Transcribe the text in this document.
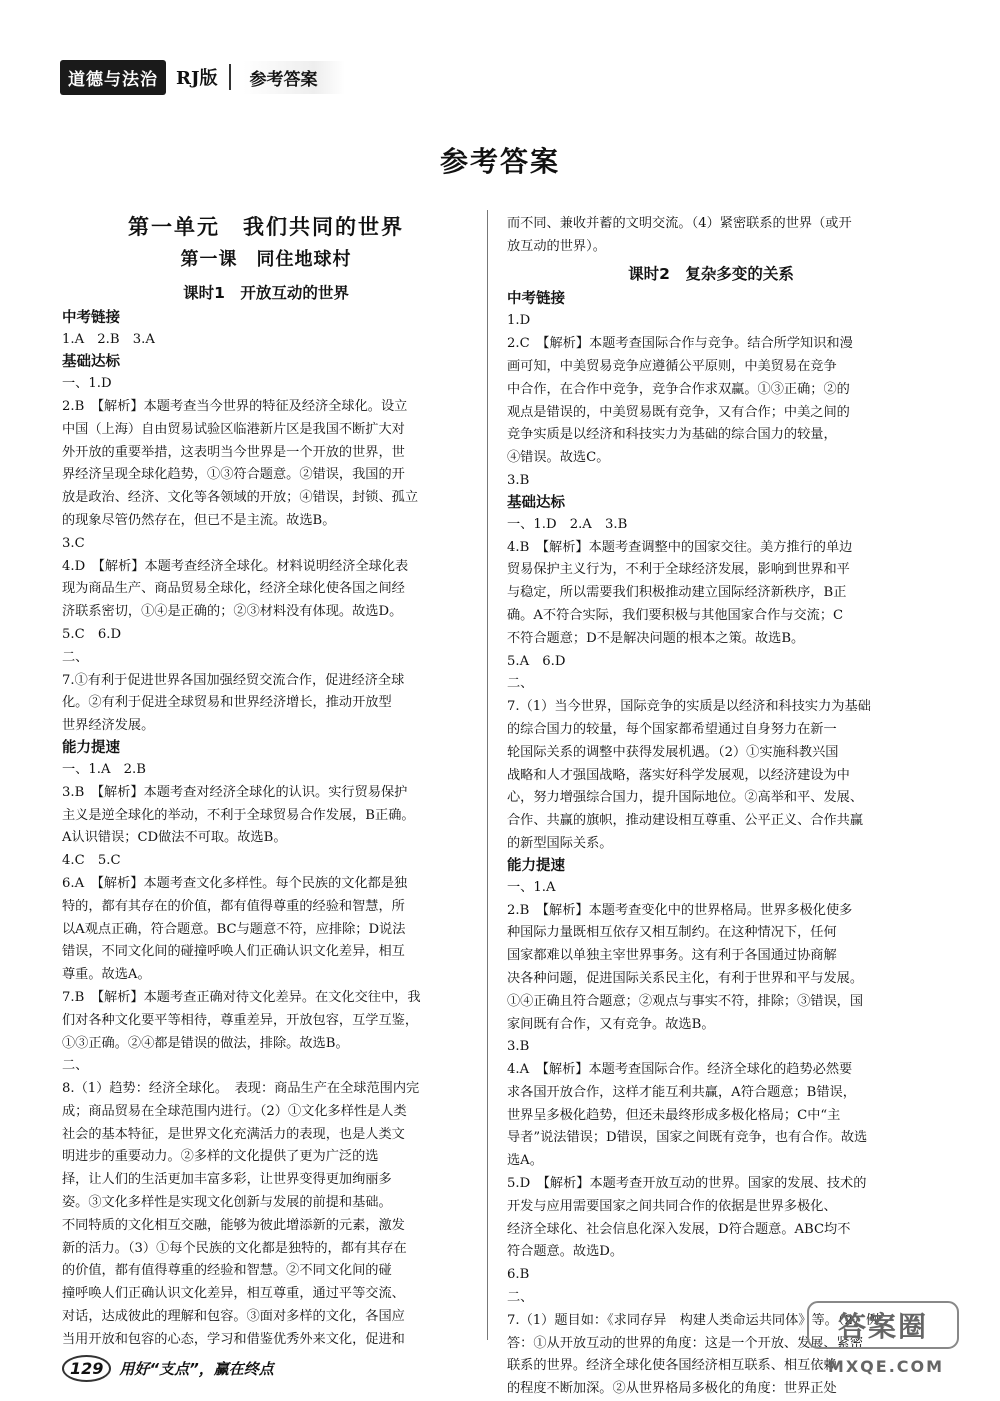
道德与法治	RJ版	参考答案
参考答案
第一单元　我们共同的世界
第一课　同住地球村
课时1　开放互动的世界
中考链接
1.A　2.B　3.A
基础达标
一、1.D
2.B　【解析】本题考查当今世界的特征及经济全球化。设立
中国（上海）自由贸易试验区临港新片区是我国不断扩大对
外开放的重要举措，这表明当今世界是一个开放的世界，世
界经济呈现全球化趋势，①③符合题意。②错误，我国的开
放是政治、经济、文化等各领域的开放；④错误，封锁、孤立
的现象尽管仍然存在，但已不是主流。故选B。
3.C
4.D　【解析】本题考查经济全球化。材料说明经济全球化表
现为商品生产、商品贸易全球化，经济全球化使各国之间经
济联系密切，①④是正确的；②③材料没有体现。故选D。
5.C　6.D
二、
7.①有利于促进世界各国加强经贸交流合作，促进经济全球
化。②有利于促进全球贸易和世界经济增长，推动开放型
世界经济发展。
能力提速
一、1.A　2.B
3.B　【解析】本题考查对经济全球化的认识。实行贸易保护
主义是逆全球化的举动，不利于全球贸易合作发展，B正确。
A认识错误；CD做法不可取。故选B。
4.C　5.C
6.A　【解析】本题考查文化多样性。每个民族的文化都是独
特的，都有其存在的价值，都有值得尊重的经验和智慧，所
以A观点正确，符合题意。BC与题意不符，应排除；D说法
错误，不同文化间的碰撞呼唤人们正确认识文化差异，相互
尊重。故选A。
7.B　【解析】本题考查正确对待文化差异。在文化交往中，我
们对各种文化要平等相待，尊重差异，开放包容，互学互鉴，
①③正确。②④都是错误的做法，排除。故选B。
二、
8.（1）趋势：经济全球化。　表现：商品生产在全球范围内完
成；商品贸易在全球范围内进行。（2）①文化多样性是人类
社会的基本特征，是世界文化充满活力的表现，也是人类文
明进步的重要动力。②多样的文化提供了更为广泛的选
择，让人们的生活更加丰富多彩，让世界变得更加绚丽多
姿。③文化多样性是实现文化创新与发展的前提和基础。
不同特质的文化相互交融，能够为彼此增添新的元素，激发
新的活力。（3）①每个民族的文化都是独特的，都有其存在
的价值，都有值得尊重的经验和智慧。②不同文化间的碰
撞呼唤人们正确认识文化差异，相互尊重，通过平等交流、
对话，达成彼此的理解和包容。③面对多样的文化，各国应
当用开放和包容的心态，学习和借鉴优秀外来文化，促进和
而不同、兼收并蓄的文明交流。（4）紧密联系的世界（或开
放互动的世界）。
课时2　复杂多变的关系
中考链接
1.D
2.C　【解析】本题考查国际合作与竞争。结合所学知识和漫
画可知，中美贸易竞争应遵循公平原则，中美贸易在竞争
中合作，在合作中竞争，竞争合作求双赢。①③正确；②的
观点是错误的，中美贸易既有竞争，又有合作；中美之间的
竞争实质是以经济和科技实力为基础的综合国力的较量，
④错误。故选C。
3.B
基础达标
一、1.D　2.A　3.B
4.B　【解析】本题考查调整中的国家交往。美方推行的单边
贸易保护主义行为，不利于全球经济发展，影响到世界和平
与稳定，所以需要我们积极推动建立国际经济新秩序，B正
确。A不符合实际，我们要积极与其他国家合作与交流；C
不符合题意；D不是解决问题的根本之策。故选B。
5.A　6.D
二、
7.（1）当今世界，国际竞争的实质是以经济和科技实力为基础
的综合国力的较量，每个国家都希望通过自身努力在新一
轮国际关系的调整中获得发展机遇。（2）①实施科教兴国
战略和人才强国战略，落实好科学发展观，以经济建设为中
心，努力增强综合国力，提升国际地位。②高举和平、发展、
合作、共赢的旗帜，推动建设相互尊重、公平正义、合作共赢
的新型国际关系。
能力提速
一、1.A
2.B　【解析】本题考查变化中的世界格局。世界多极化使多
种国际力量既相互依存又相互制约。在这种情况下，任何
国家都难以单独主宰世界事务。这有利于各国通过协商解
决各种问题，促进国际关系民主化，有利于世界和平与发展。
①④正确且符合题意；②观点与事实不符，排除；③错误，国
家间既有合作，又有竞争。故选B。
3.B
4.A　【解析】本题考查国际合作。经济全球化的趋势必然要
求各国开放合作，这样才能互利共赢，A符合题意；B错误，
世界呈多极化趋势，但还未最终形成多极化格局；C中“主
导者”说法错误；D错误，国家之间既有竞争，也有合作。故选
选A。
5.D　【解析】本题考查开放互动的世界。国家的发展、技术的
开发与应用需要国家之间共同合作的依据是世界多极化、
经济全球化、社会信息化深入发展，D符合题意。ABC均不
符合题意。故选D。
6.B
二、
7.（1）题目如：《求同存异　构建人类命运共同体》等。（2）例
答：①从开放互动的世界的角度：这是一个开放、发展、紧密
联系的世界。经济全球化使各国经济相互联系、相互依赖
的程度不断加深。②从世界格局多极化的角度：世界正处
129	用好“支点”，赢在终点
答案圈
MXQE.COM
